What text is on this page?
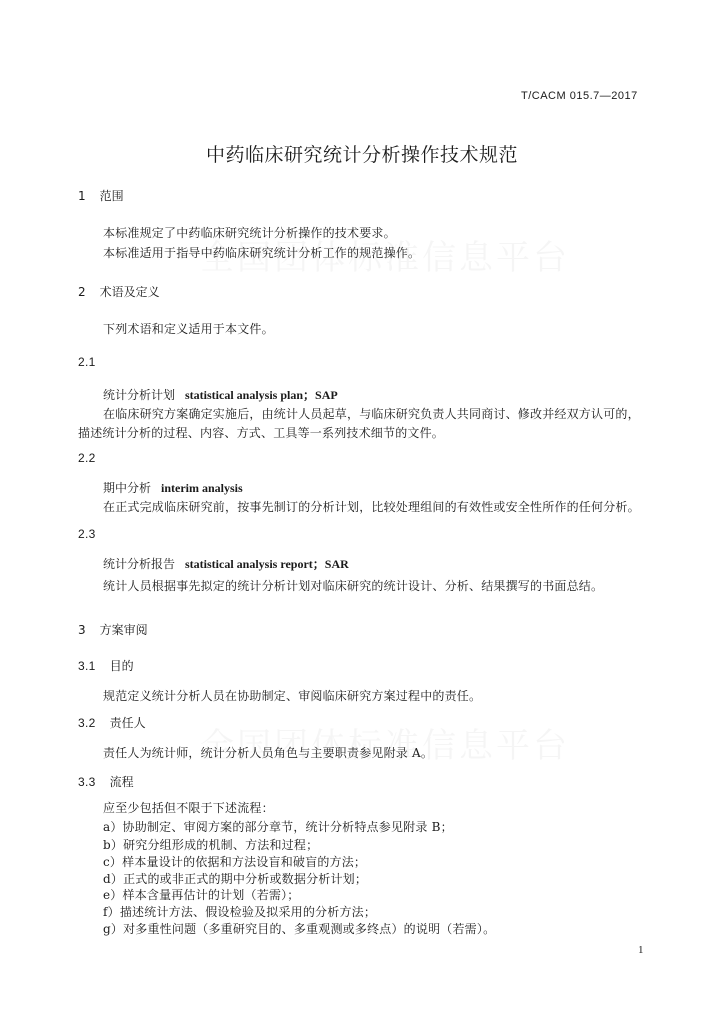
T/CACM 015.7—2017
中药临床研究统计分析操作技术规范
1 范围
本标准规定了中药临床研究统计分析操作的技术要求。
本标准适用于指导中药临床研究统计分析工作的规范操作。
2 术语及定义
下列术语和定义适用于本文件。
2.1
统计分析计划 statistical analysis plan；SAP
在临床研究方案确定实施后，由统计人员起草，与临床研究负责人共同商讨、修改并经双方认可的，
描述统计分析的过程、内容、方式、工具等一系列技术细节的文件。
2.2
期中分析 interim analysis
在正式完成临床研究前，按事先制订的分析计划，比较处理组间的有效性或安全性所作的任何分析。
2.3
统计分析报告 statistical analysis report；SAR
统计人员根据事先拟定的统计分析计划对临床研究的统计设计、分析、结果撰写的书面总结。
3 方案审阅
3.1 目的
规范定义统计分析人员在协助制定、审阅临床研究方案过程中的责任。
3.2 责任人
责任人为统计师，统计分析人员角色与主要职责参见附录 A。
3.3 流程
应至少包括但不限于下述流程：
a）协助制定、审阅方案的部分章节，统计分析特点参见附录 B；
b）研究分组形成的机制、方法和过程；
c）样本量设计的依据和方法设盲和破盲的方法；
d）正式的或非正式的期中分析或数据分析计划；
e）样本含量再估计的计划（若需）；
f）描述统计方法、假设检验及拟采用的分析方法；
g）对多重性问题（多重研究目的、多重观测或多终点）的说明（若需）。
1
